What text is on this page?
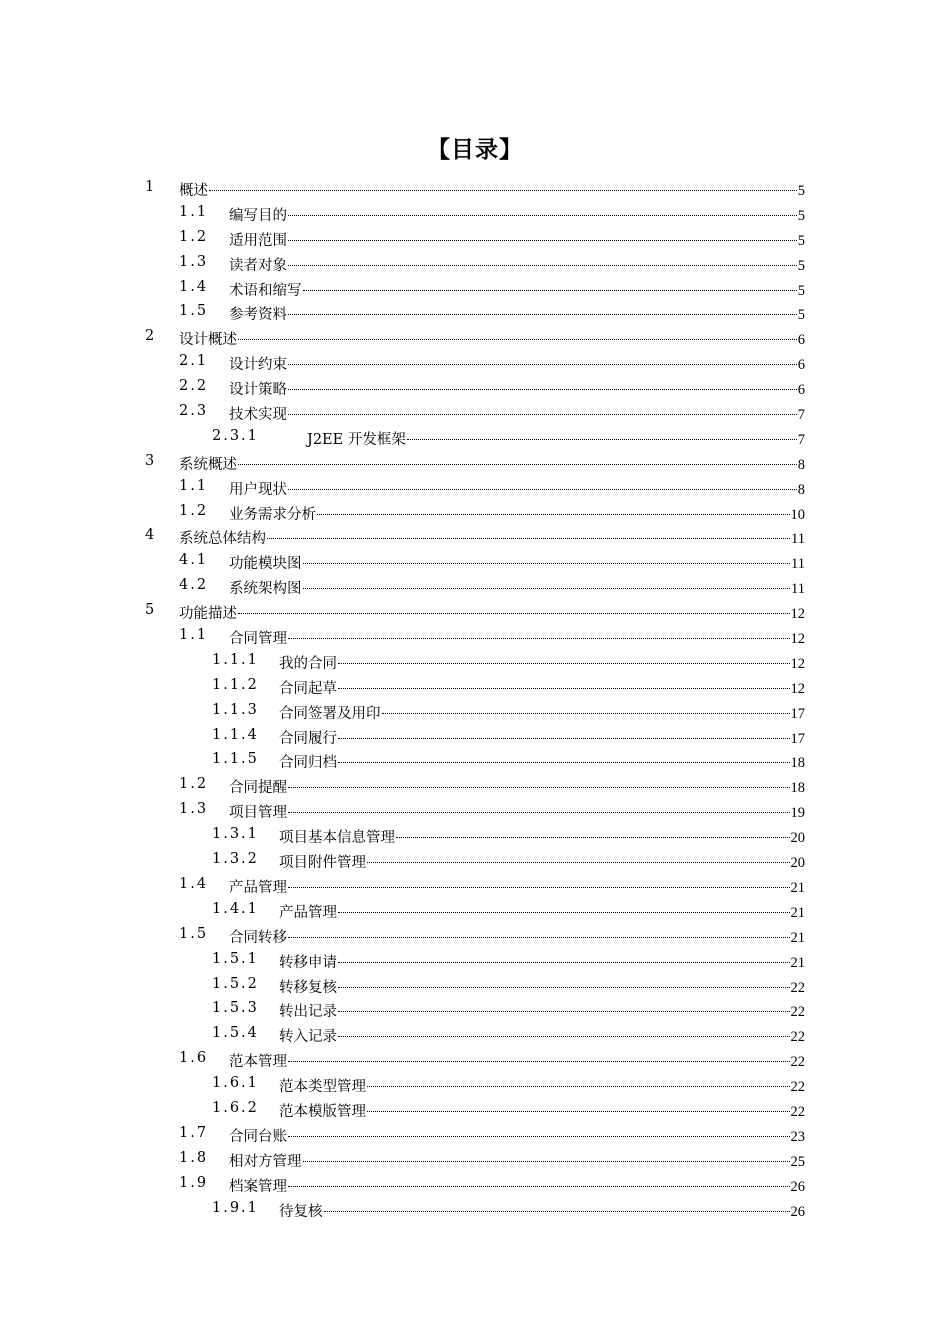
【目录】
1 概述	5
1.1 编写目的	5
1.2 适用范围	5
1.3 读者对象	5
1.4 术语和缩写	5
1.5 参考资料	5
2 设计概述	6
2.1 设计约束	6
2.2 设计策略	6
2.3 技术实现	7
2.3.1	J2EE 开发框架	7
3 系统概述	8
1.1 用户现状	8
1.2 业务需求分析	10
4 系统总体结构	11
4.1 功能模块图	11
4.2 系统架构图	11
5 功能描述	12
1.1 合同管理	12
1.1.1 我的合同	12
1.1.2 合同起草	12
1.1.3 合同签署及用印	17
1.1.4 合同履行	17
1.1.5 合同归档	18
1.2 合同提醒	18
1.3 项目管理	19
1.3.1 项目基本信息管理	20
1.3.2 项目附件管理	20
1.4 产品管理	21
1.4.1 产品管理	21
1.5 合同转移	21
1.5.1 转移申请	21
1.5.2 转移复核	22
1.5.3 转出记录	22
1.5.4 转入记录	22
1.6 范本管理	22
1.6.1 范本类型管理	22
1.6.2 范本模版管理	22
1.7 合同台账	23
1.8 相对方管理	25
1.9 档案管理	26
1.9.1 待复核	26
